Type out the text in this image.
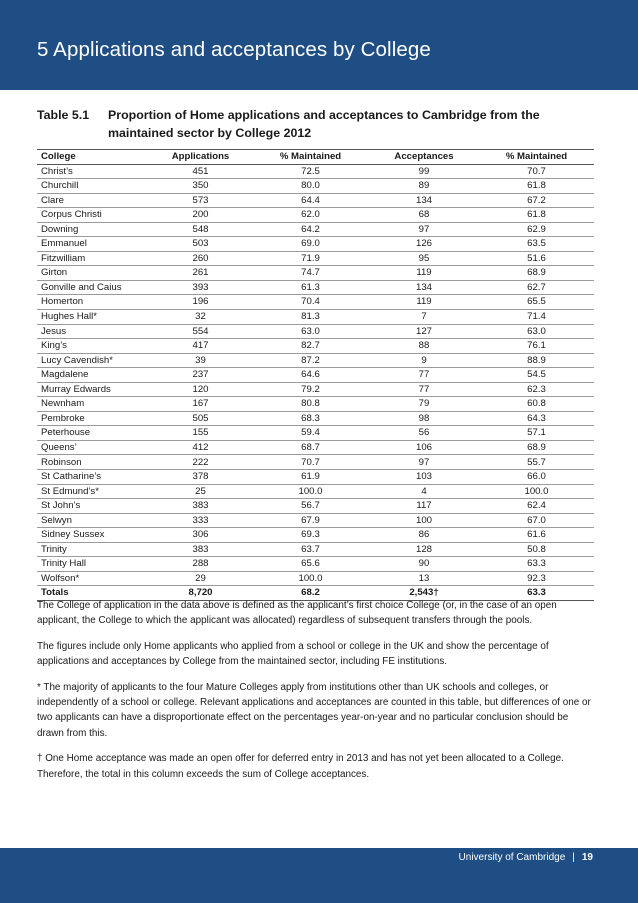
5 Applications and acceptances by College
Table 5.1 Proportion of Home applications and acceptances to Cambridge from the maintained sector by College 2012
College	Applications	% Maintained	Acceptances	% Maintained
Christ’s	451	72.5	99	70.7
Churchill	350	80.0	89	61.8
Clare	573	64.4	134	67.2
Corpus Christi	200	62.0	68	61.8
Downing	548	64.2	97	62.9
Emmanuel	503	69.0	126	63.5
Fitzwilliam	260	71.9	95	51.6
Girton	261	74.7	119	68.9
Gonville and Caius	393	61.3	134	62.7
Homerton	196	70.4	119	65.5
Hughes Hall*	32	81.3	7	71.4
Jesus	554	63.0	127	63.0
King’s	417	82.7	88	76.1
Lucy Cavendish*	39	87.2	9	88.9
Magdalene	237	64.6	77	54.5
Murray Edwards	120	79.2	77	62.3
Newnham	167	80.8	79	60.8
Pembroke	505	68.3	98	64.3
Peterhouse	155	59.4	56	57.1
Queens’	412	68.7	106	68.9
Robinson	222	70.7	97	55.7
St Catharine’s	378	61.9	103	66.0
St Edmund’s*	25	100.0	4	100.0
St John’s	383	56.7	117	62.4
Selwyn	333	67.9	100	67.0
Sidney Sussex	306	69.3	86	61.6
Trinity	383	63.7	128	50.8
Trinity Hall	288	65.6	90	63.3
Wolfson*	29	100.0	13	92.3
Totals	8,720	68.2	2,543†	63.3

The College of application in the data above is defined as the applicant’s first choice College (or, in the case of an open applicant, the College to which the applicant was allocated) regardless of subsequent transfers through the pools.

The figures include only Home applicants who applied from a school or college in the UK and show the percentage of applications and acceptances by College from the maintained sector, including FE institutions.

* The majority of applicants to the four Mature Colleges apply from institutions other than UK schools and colleges, or independently of a school or college. Relevant applications and acceptances are counted in this table, but differences of one or two applicants can have a disproportionate effect on the percentages year-on-year and no particular conclusion should be drawn from this.

† One Home acceptance was made an open offer for deferred entry in 2013 and has not yet been allocated to a College. Therefore, the total in this column exceeds the sum of College acceptances.

University of Cambridge | 19
